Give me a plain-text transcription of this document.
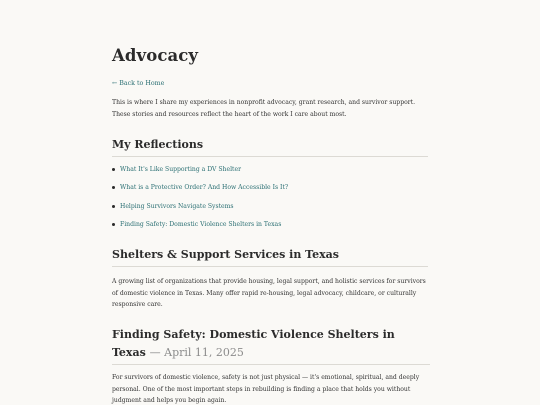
Advocacy
← Back to Home

This is where I share my experiences in nonprofit advocacy, grant research, and survivor support. These stories and resources reflect the heart of the work I care about most.

My Reflections
What It's Like Supporting a DV Shelter
What is a Protective Order? And How Accessible Is It?
Helping Survivors Navigate Systems
Finding Safety: Domestic Violence Shelters in Texas
Shelters & Support Services in Texas

A growing list of organizations that provide housing, legal support, and holistic services for survivors of domestic violence in Texas. Many offer rapid re-housing, legal advocacy, childcare, or culturally responsive care.

Finding Safety: Domestic Violence Shelters in Texas — April 11, 2025

For survivors of domestic violence, safety is not just physical — it's emotional, spiritual, and deeply personal. One of the most important steps in rebuilding is finding a place that holds you without judgment and helps you begin again.
